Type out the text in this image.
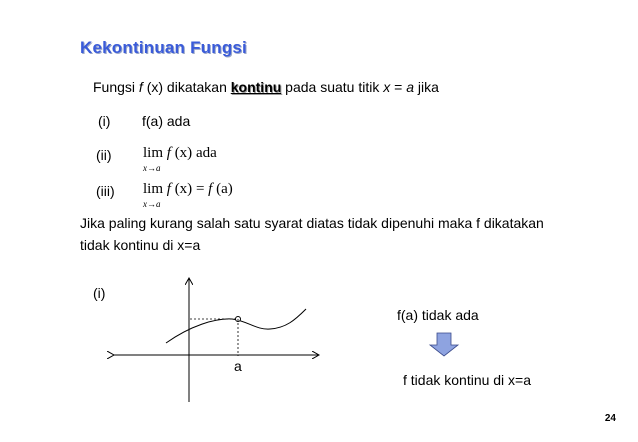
Kekontinuan Fungsi
Fungsi f (x) dikatakan kontinu pada suatu titik x = a jika
(i) f(a) ada
(ii) lim f (x) ada
x→a
(iii) lim f (x) = f (a)
x→a
Jika paling kurang salah satu syarat diatas tidak dipenuhi maka f dikatakan
tidak kontinu di x=a
(i)
a
f(a) tidak ada
f tidak kontinu di x=a
24
